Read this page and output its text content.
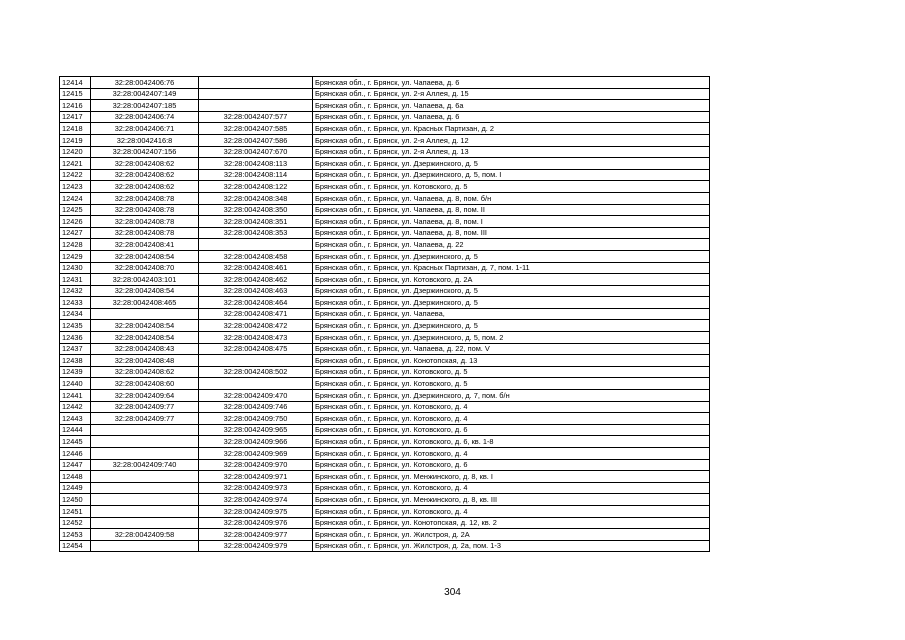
12414	32:28:0042406:76		Брянская обл., г. Брянск, ул. Чапаева, д. 6
12415	32:28:0042407:149		Брянская обл., г. Брянск, ул. 2-я Аллея, д. 15
12416	32:28:0042407:185		Брянская обл., г. Брянск, ул. Чапаева, д. 6а
12417	32:28:0042406:74	32:28:0042407:577	Брянская обл., г. Брянск, ул. Чапаева, д. 6
12418	32:28:0042406:71	32:28:0042407:585	Брянская обл., г. Брянск, ул. Красных Партизан, д. 2
12419	32:28:0042416:8	32:28:0042407:586	Брянская обл., г. Брянск, ул. 2-я Аллея, д. 12
12420	32:28:0042407:156	32:28:0042407:670	Брянская обл., г. Брянск, ул. 2-я Аллея, д. 13
12421	32:28:0042408:62	32:28:0042408:113	Брянская обл., г. Брянск, ул. Дзержинского, д. 5
12422	32:28:0042408:62	32:28:0042408:114	Брянская обл., г. Брянск, ул. Дзержинского, д. 5, пом. I
12423	32:28:0042408:62	32:28:0042408:122	Брянская обл., г. Брянск, ул. Котовского, д. 5
12424	32:28:0042408:78	32:28:0042408:348	Брянская обл., г. Брянск, ул. Чапаева, д. 8, пом. б/н
12425	32:28:0042408:78	32:28:0042408:350	Брянская обл., г. Брянск, ул. Чапаева, д. 8, пом. II
12426	32:28:0042408:78	32:28:0042408:351	Брянская обл., г. Брянск, ул. Чапаева, д. 8, пом. I
12427	32:28:0042408:78	32:28:0042408:353	Брянская обл., г. Брянск, ул. Чапаева, д. 8, пом. III
12428	32:28:0042408:41		Брянская обл., г. Брянск, ул. Чапаева, д. 22
12429	32:28:0042408:54	32:28:0042408:458	Брянская обл., г. Брянск, ул. Дзержинского, д. 5
12430	32:28:0042408:70	32:28:0042408:461	Брянская обл., г. Брянск, ул. Красных Партизан, д. 7, пом. 1-11
12431	32:28:0042403:101	32:28:0042408:462	Брянская обл., г. Брянск, ул. Котовского, д. 2А
12432	32:28:0042408:54	32:28:0042408:463	Брянская обл., г. Брянск, ул. Дзержинского, д. 5
12433	32:28:0042408:465	32:28:0042408:464	Брянская обл., г. Брянск, ул. Дзержинского, д. 5
12434		32:28:0042408:471	Брянская обл., г. Брянск, ул. Чапаева,
12435	32:28:0042408:54	32:28:0042408:472	Брянская обл., г. Брянск, ул. Дзержинского, д. 5
12436	32:28:0042408:54	32:28:0042408:473	Брянская обл., г. Брянск, ул. Дзержинского, д. 5, пом. 2
12437	32:28:0042408:43	32:28:0042408:475	Брянская обл., г. Брянск, ул. Чапаева, д. 22, пом. V
12438	32:28:0042408:48		Брянская обл., г. Брянск, ул. Конотопская, д. 13
12439	32:28:0042408:62	32:28:0042408:502	Брянская обл., г. Брянск, ул. Котовского, д. 5
12440	32:28:0042408:60		Брянская обл., г. Брянск, ул. Котовского, д. 5
12441	32:28:0042409:64	32:28:0042409:470	Брянская обл., г. Брянск, ул. Дзержинского, д. 7, пом. б/н
12442	32:28:0042409:77	32:28:0042409:746	Брянская обл., г. Брянск, ул. Котовского, д. 4
12443	32:28:0042409:77	32:28:0042409:750	Брянская обл., г. Брянск, ул. Котовского, д. 4
12444		32:28:0042409:965	Брянская обл., г. Брянск, ул. Котовского, д. 6
12445		32:28:0042409:966	Брянская обл., г. Брянск, ул. Котовского, д. 6, кв. 1-8
12446		32:28:0042409:969	Брянская обл., г. Брянск, ул. Котовского, д. 4
12447	32:28:0042409:740	32:28:0042409:970	Брянская обл., г. Брянск, ул. Котовского, д. 6
12448		32:28:0042409:971	Брянская обл., г. Брянск, ул. Менжинского, д. 8, кв. I
12449		32:28:0042409:973	Брянская обл., г. Брянск, ул. Котовского, д. 4
12450		32:28:0042409:974	Брянская обл., г. Брянск, ул. Менжинского, д. 8, кв. III
12451		32:28:0042409:975	Брянская обл., г. Брянск, ул. Котовского, д. 4
12452		32:28:0042409:976	Брянская обл., г. Брянск, ул. Конотопская, д. 12, кв. 2
12453	32:28:0042409:58	32:28:0042409:977	Брянская обл., г. Брянск, ул. Жилстроя, д. 2А
12454		32:28:0042409:979	Брянская обл., г. Брянск, ул. Жилстроя, д. 2а, пом. 1-3
304
